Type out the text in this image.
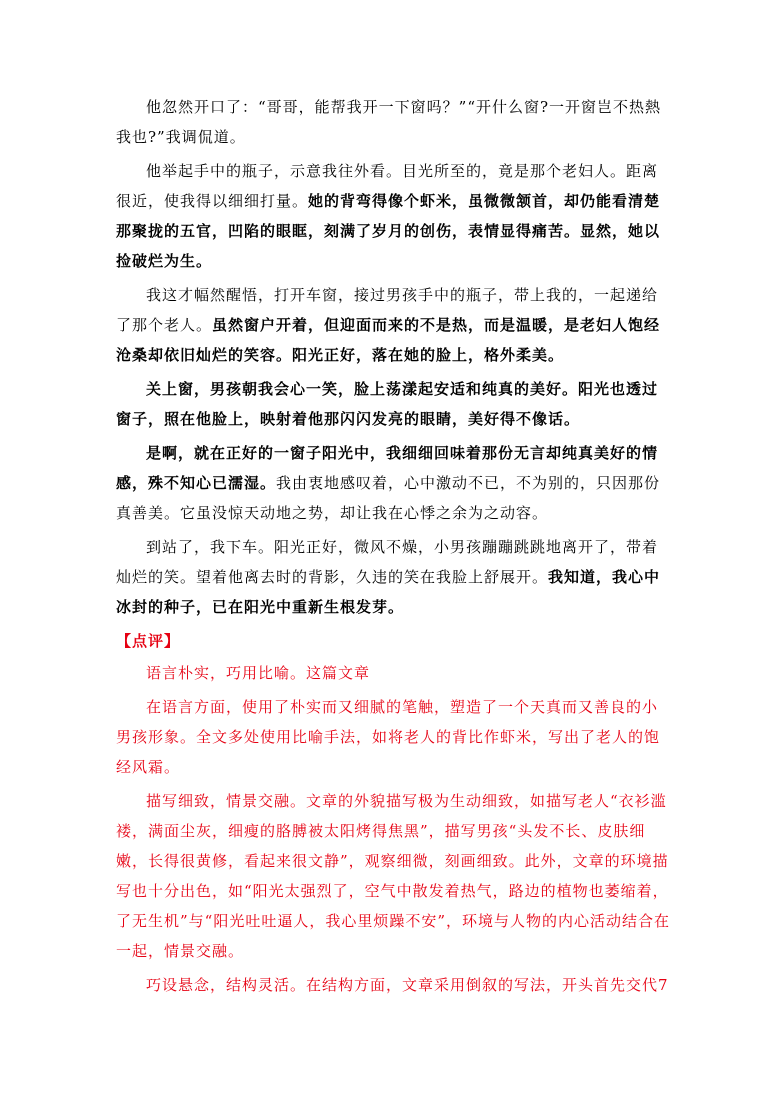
他忽然开口了：“哥哥，能帮我开一下窗吗？”“开什么窗?一开窗岂不热熱我也?”我调侃道。

他举起手中的瓶子，示意我往外看。目光所至的，竟是那个老妇人。距离很近，使我得以细细打量。她的背弯得像个虾米，虽微微颔首，却仍能看清楚那聚拢的五官，凹陷的眼眶，刻满了岁月的创伤，表情显得痛苦。显然，她以捡破烂为生。

我这才幅然醒悟，打开车窗，接过男孩手中的瓶子，带上我的，一起递给了那个老人。虽然窗户开着，但迎面而来的不是热，而是温暖，是老妇人饱经沧桑却依旧灿烂的笑容。阳光正好，落在她的脸上，格外柔美。

关上窗，男孩朝我会心一笑，脸上荡漾起安适和纯真的美好。阳光也透过窗子，照在他脸上，映射着他那闪闪发亮的眼睛，美好得不像话。

是啊，就在正好的一窗子阳光中，我细细回味着那份无言却纯真美好的情感，殊不知心已濡湿。我由衷地感叹着，心中激动不已，不为别的，只因那份真善美。它虽没惊天动地之势，却让我在心悸之余为之动容。

到站了，我下车。阳光正好，微风不燥，小男孩蹦蹦跳跳地离开了，带着灿烂的笑。望着他离去时的背影，久违的笑在我脸上舒展开。我知道，我心中冰封的种子，已在阳光中重新生根发芽。

【点评】

语言朴实，巧用比喻。这篇文章

在语言方面，使用了朴实而又细腻的笔触，塑造了一个天真而又善良的小男孩形象。全文多处使用比喻手法，如将老人的背比作虾米，写出了老人的饱经风霜。

描写细致，情景交融。文章的外貌描写极为生动细致，如描写老人“衣衫滥褛，满面尘灰，细瘦的胳膊被太阳烤得焦黑”，描写男孩“头发不长、皮肤细嫩，长得很黄修，看起来很文静”，观察细微，刻画细致。此外，文章的环境描写也十分出色，如“阳光太强烈了，空气中散发着热气，路边的植物也萎缩着，了无生机”与“阳光吐吐逼人，我心里烦躁不安”，环境与人物的内心活动结合在一起，情景交融。

巧设悬念，结构灵活。在结构方面，文章采用倒叙的写法，开头首先交代7
